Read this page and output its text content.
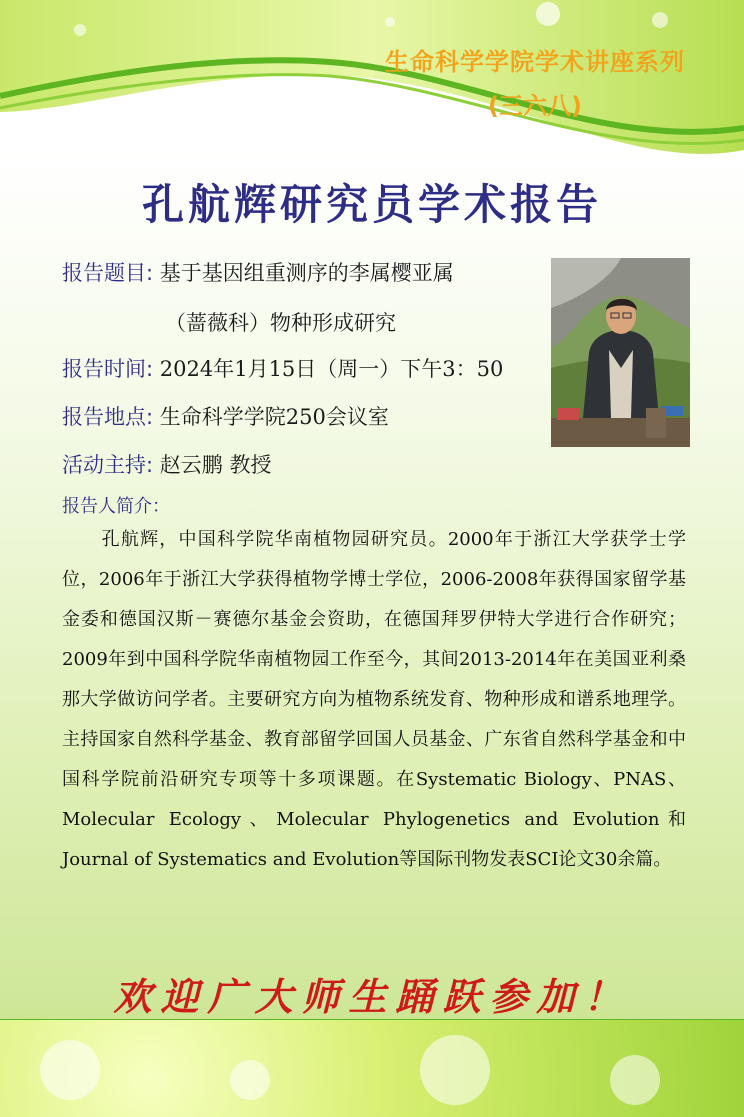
生命科学学院学术讲座系列
(三六八)
孔航辉研究员学术报告
报告题目: 基于基因组重测序的李属樱亚属
（蔷薇科）物种形成研究
报告时间: 2024年1月15日（周一）下午3：50
报告地点: 生命科学学院250会议室
活动主持: 赵云鹏 教授
报告人简介：
孔航辉，中国科学院华南植物园研究员。2000年于浙江大学获学士学位，2006年于浙江大学获得植物学博士学位，2006-2008年获得国家留学基金委和德国汉斯－赛德尔基金会资助，在德国拜罗伊特大学进行合作研究；2009年到中国科学院华南植物园工作至今，其间2013-2014年在美国亚利桑那大学做访问学者。主要研究方向为植物系统发育、物种形成和谱系地理学。主持国家自然科学基金、教育部留学回国人员基金、广东省自然科学基金和中国科学院前沿研究专项等十多项课题。在Systematic Biology、PNAS、Molecular Ecology、Molecular Phylogenetics and Evolution和Journal of Systematics and Evolution等国际刊物发表SCI论文30余篇。
欢迎广大师生踊跃参加！
